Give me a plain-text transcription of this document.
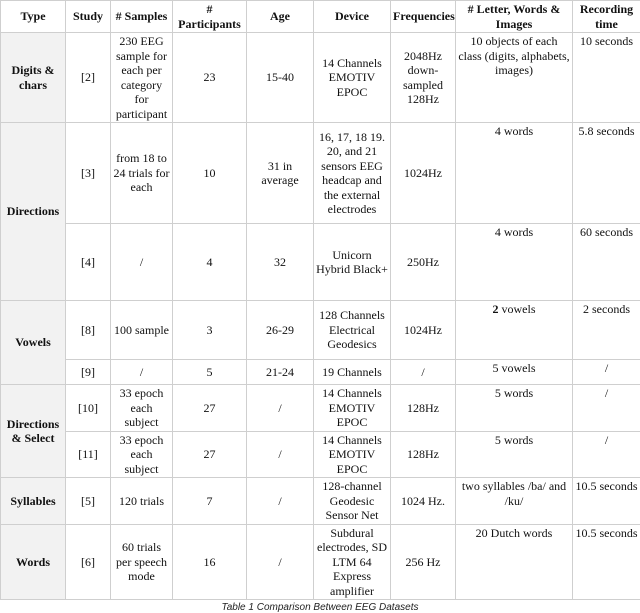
Type	Study	# Samples	# Participants	Age	Device	Frequencies	# Letter, Words & Images	Recording time
Digits & chars	[2]	230 EEG sample for each per category for participant	23	15-40	14 Channels EMOTIV EPOC	2048Hz down-sampled 128Hz	10 objects of each class (digits, alphabets, images)	10 seconds
Directions	[3]	from 18 to 24 trials for each	10	31 in average	16, 17, 18 19. 20, and 21 sensors EEG headcap and the external electrodes	1024Hz	4 words	5.8 seconds
	[4]	/	4	32	Unicorn Hybrid Black+	250Hz	4 words	60 seconds
Vowels	[8]	100 sample	3	26-29	128 Channels Electrical Geodesics	1024Hz	2 vowels	2 seconds
	[9]	/	5	21-24	19 Channels	/	5 vowels	/
Directions & Select	[10]	33 epoch each subject	27	/	14 Channels EMOTIV EPOC	128Hz	5 words	/
	[11]	33 epoch each subject	27	/	14 Channels EMOTIV EPOC	128Hz	5 words	/
Syllables	[5]	120 trials	7	/	128-channel Geodesic Sensor Net	1024 Hz.	two syllables /ba/ and /ku/	10.5 seconds
Words	[6]	60 trials per speech mode	16	/	Subdural electrodes, SD LTM 64 Express amplifier	256 Hz	20 Dutch words	10.5 seconds
Table 1 Comparison Between EEG Datasets
